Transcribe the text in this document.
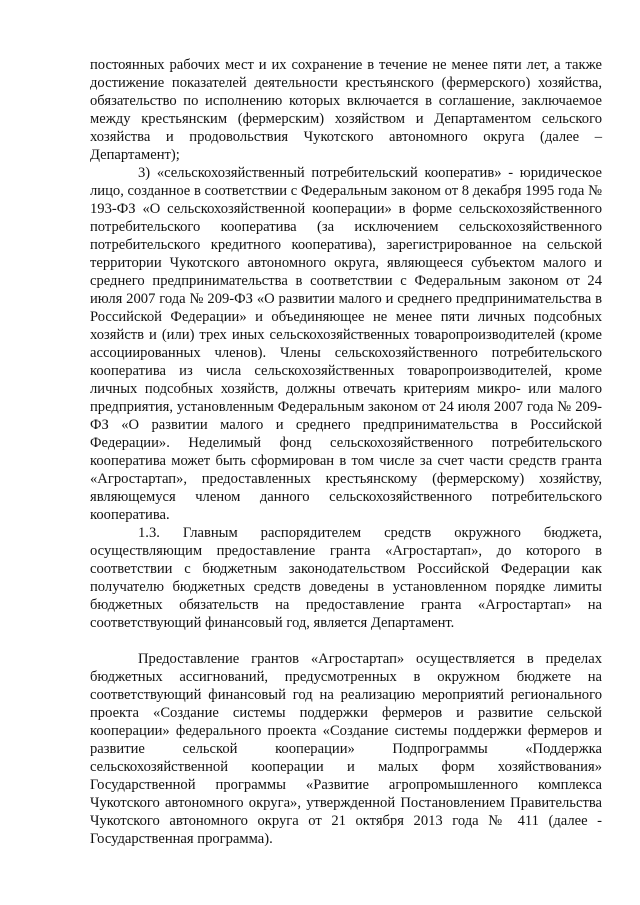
постоянных рабочих мест и их сохранение в течение не менее пяти лет, а также достижение показателей деятельности крестьянского (фермерского) хозяйства, обязательство по исполнению которых включается в соглашение, заключаемое между крестьянским (фермерским) хозяйством и Департаментом сельского хозяйства и продовольствия Чукотского автономного округа (далее – Департамент);

3) «сельскохозяйственный потребительский кооператив» - юридическое лицо, созданное в соответствии с Федеральным законом от 8 декабря 1995 года № 193-ФЗ «О сельскохозяйственной кооперации» в форме сельскохозяйственного потребительского кооператива (за исключением сельскохозяйственного потребительского кредитного кооператива), зарегистрированное на сельской территории Чукотского автономного округа, являющееся субъектом малого и среднего предпринимательства в соответствии с Федеральным законом от 24 июля 2007 года № 209-ФЗ «О развитии малого и среднего предпринимательства в Российской Федерации» и объединяющее не менее пяти личных подсобных хозяйств и (или) трех иных сельскохозяйственных товаропроизводителей (кроме ассоциированных членов). Члены сельскохозяйственного потребительского кооператива из числа сельскохозяйственных товаропроизводителей, кроме личных подсобных хозяйств, должны отвечать критериям микро- или малого предприятия, установленным Федеральным законом от 24 июля 2007 года № 209-ФЗ «О развитии малого и среднего предпринимательства в Российской Федерации». Неделимый фонд сельскохозяйственного потребительского кооператива может быть сформирован в том числе за счет части средств гранта «Агростартап», предоставленных крестьянскому (фермерскому) хозяйству, являющемуся членом данного сельскохозяйственного потребительского кооператива.

1.3. Главным распорядителем средств окружного бюджета, осуществляющим предоставление гранта «Агростартап», до которого в соответствии с бюджетным законодательством Российской Федерации как получателю бюджетных средств доведены в установленном порядке лимиты бюджетных обязательств на предоставление гранта «Агростартап» на соответствующий финансовый год, является Департамент.

Предоставление грантов «Агростартап» осуществляется в пределах бюджетных ассигнований, предусмотренных в окружном бюджете на соответствующий финансовый год на реализацию мероприятий регионального проекта «Создание системы поддержки фермеров и развитие сельской кооперации» федерального проекта «Создание системы поддержки фермеров и развитие сельской кооперации» Подпрограммы «Поддержка сельскохозяйственной кооперации и малых форм хозяйствования» Государственной программы «Развитие агропромышленного комплекса Чукотского автономного округа», утвержденной Постановлением Правительства Чукотского автономного округа от 21 октября 2013 года № 411 (далее - Государственная программа).
